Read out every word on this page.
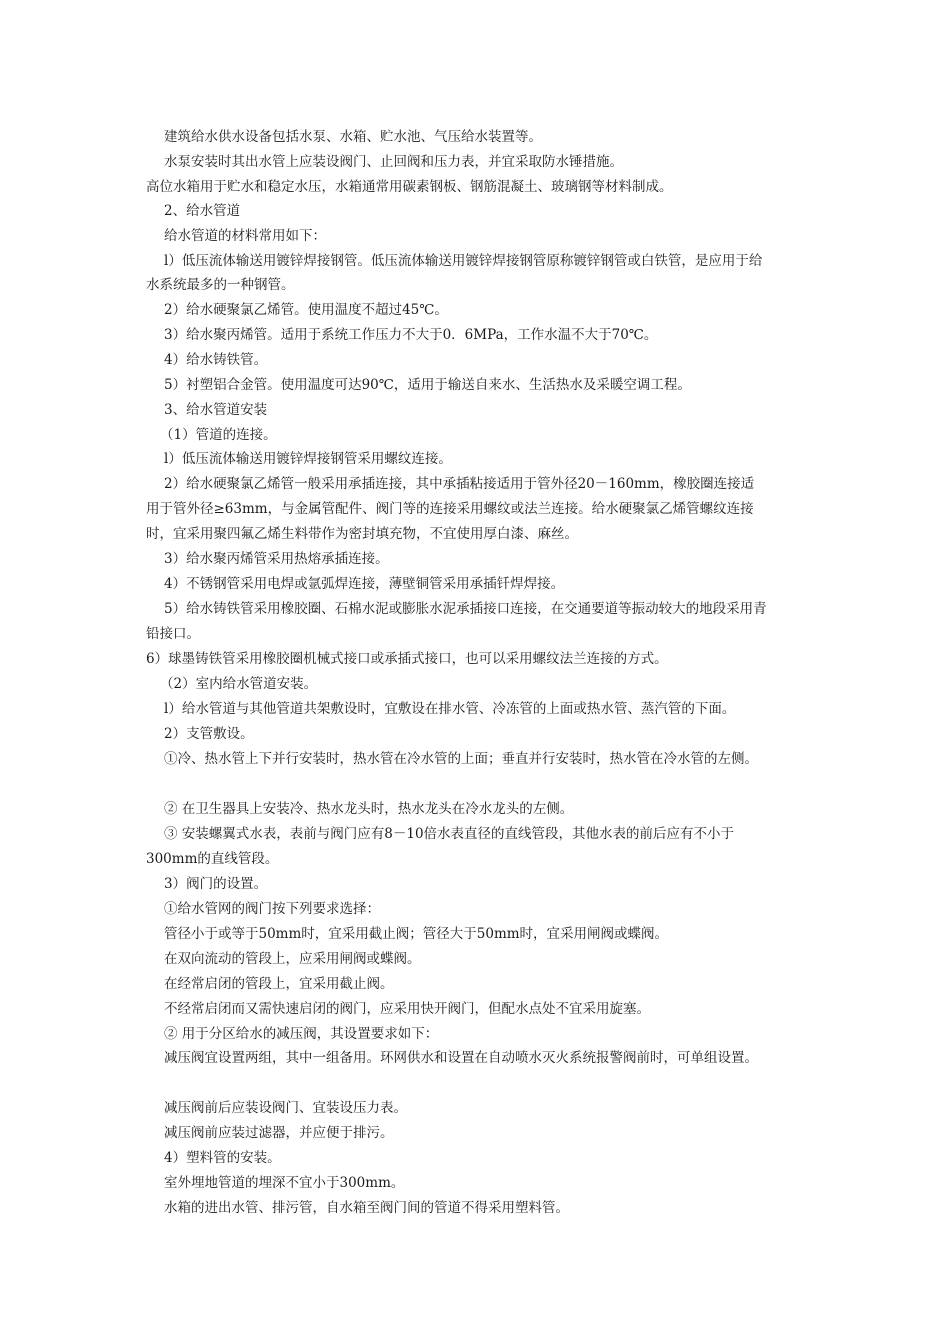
建筑给水供水设备包括水泵、水箱、贮水池、气压给水装置等。
水泵安装时其出水管上应装设阀门、止回阀和压力表，并宜采取防水锤措施。
高位水箱用于贮水和稳定水压，水箱通常用碳素钢板、钢筋混凝土、玻璃钢等材料制成。
2、给水管道
给水管道的材料常用如下：
l）低压流体输送用镀锌焊接钢管。低压流体输送用镀锌焊接钢管原称镀锌钢管或白铁管，是应用于给
水系统最多的一种钢管。
2）给水硬聚氯乙烯管。使用温度不超过45℃。
3）给水聚丙烯管。适用于系统工作压力不大于0．6MPa，工作水温不大于70℃。
4）给水铸铁管。
5）衬塑铝合金管。使用温度可达90℃，适用于输送自来水、生活热水及采暖空调工程。
3、给水管道安装
（1）管道的连接。
l）低压流体输送用镀锌焊接钢管采用螺纹连接。
2）给水硬聚氯乙烯管一般采用承插连接，其中承插粘接适用于管外径20－160mm，橡胶圈连接适
用于管外径≥63mm，与金属管配件、阀门等的连接采用螺纹或法兰连接。给水硬聚氯乙烯管螺纹连接
时，宜采用聚四氟乙烯生料带作为密封填充物，不宜使用厚白漆、麻丝。
3）给水聚丙烯管采用热熔承插连接。
4）不锈钢管采用电焊或氩弧焊连接，薄壁铜管采用承插钎焊焊接。
5）给水铸铁管采用橡胶圈、石棉水泥或膨胀水泥承插接口连接，在交通要道等振动较大的地段采用青
铅接口。
6）球墨铸铁管采用橡胶圈机械式接口或承插式接口，也可以采用螺纹法兰连接的方式。
（2）室内给水管道安装。
l）给水管道与其他管道共架敷设时，宜敷设在排水管、冷冻管的上面或热水管、蒸汽管的下面。
2）支管敷设。
①冷、热水管上下并行安装时，热水管在冷水管的上面；垂直并行安装时，热水管在冷水管的左侧。
② 在卫生器具上安装冷、热水龙头时，热水龙头在冷水龙头的左侧。
③ 安装螺翼式水表，表前与阀门应有8－10倍水表直径的直线管段，其他水表的前后应有不小于
300mm的直线管段。
3）阀门的设置。
①给水管网的阀门按下列要求选择：
管径小于或等于50mm时，宜采用截止阀；管径大于50mm时，宜采用闸阀或蝶阀。
在双向流动的管段上，应采用闸阀或蝶阀。
在经常启闭的管段上，宜采用截止阀。
不经常启闭而又需快速启闭的阀门，应采用快开阀门，但配水点处不宜采用旋塞。
② 用于分区给水的减压阀，其设置要求如下：
减压阀宜设置两组，其中一组备用。环网供水和设置在自动喷水灭火系统报警阀前时，可单组设置。
减压阀前后应装设阀门、宜装设压力表。
减压阀前应装过滤器，并应便于排污。
4）塑料管的安装。
室外埋地管道的埋深不宜小于300mm。
水箱的进出水管、排污管，自水箱至阀门间的管道不得采用塑料管。
